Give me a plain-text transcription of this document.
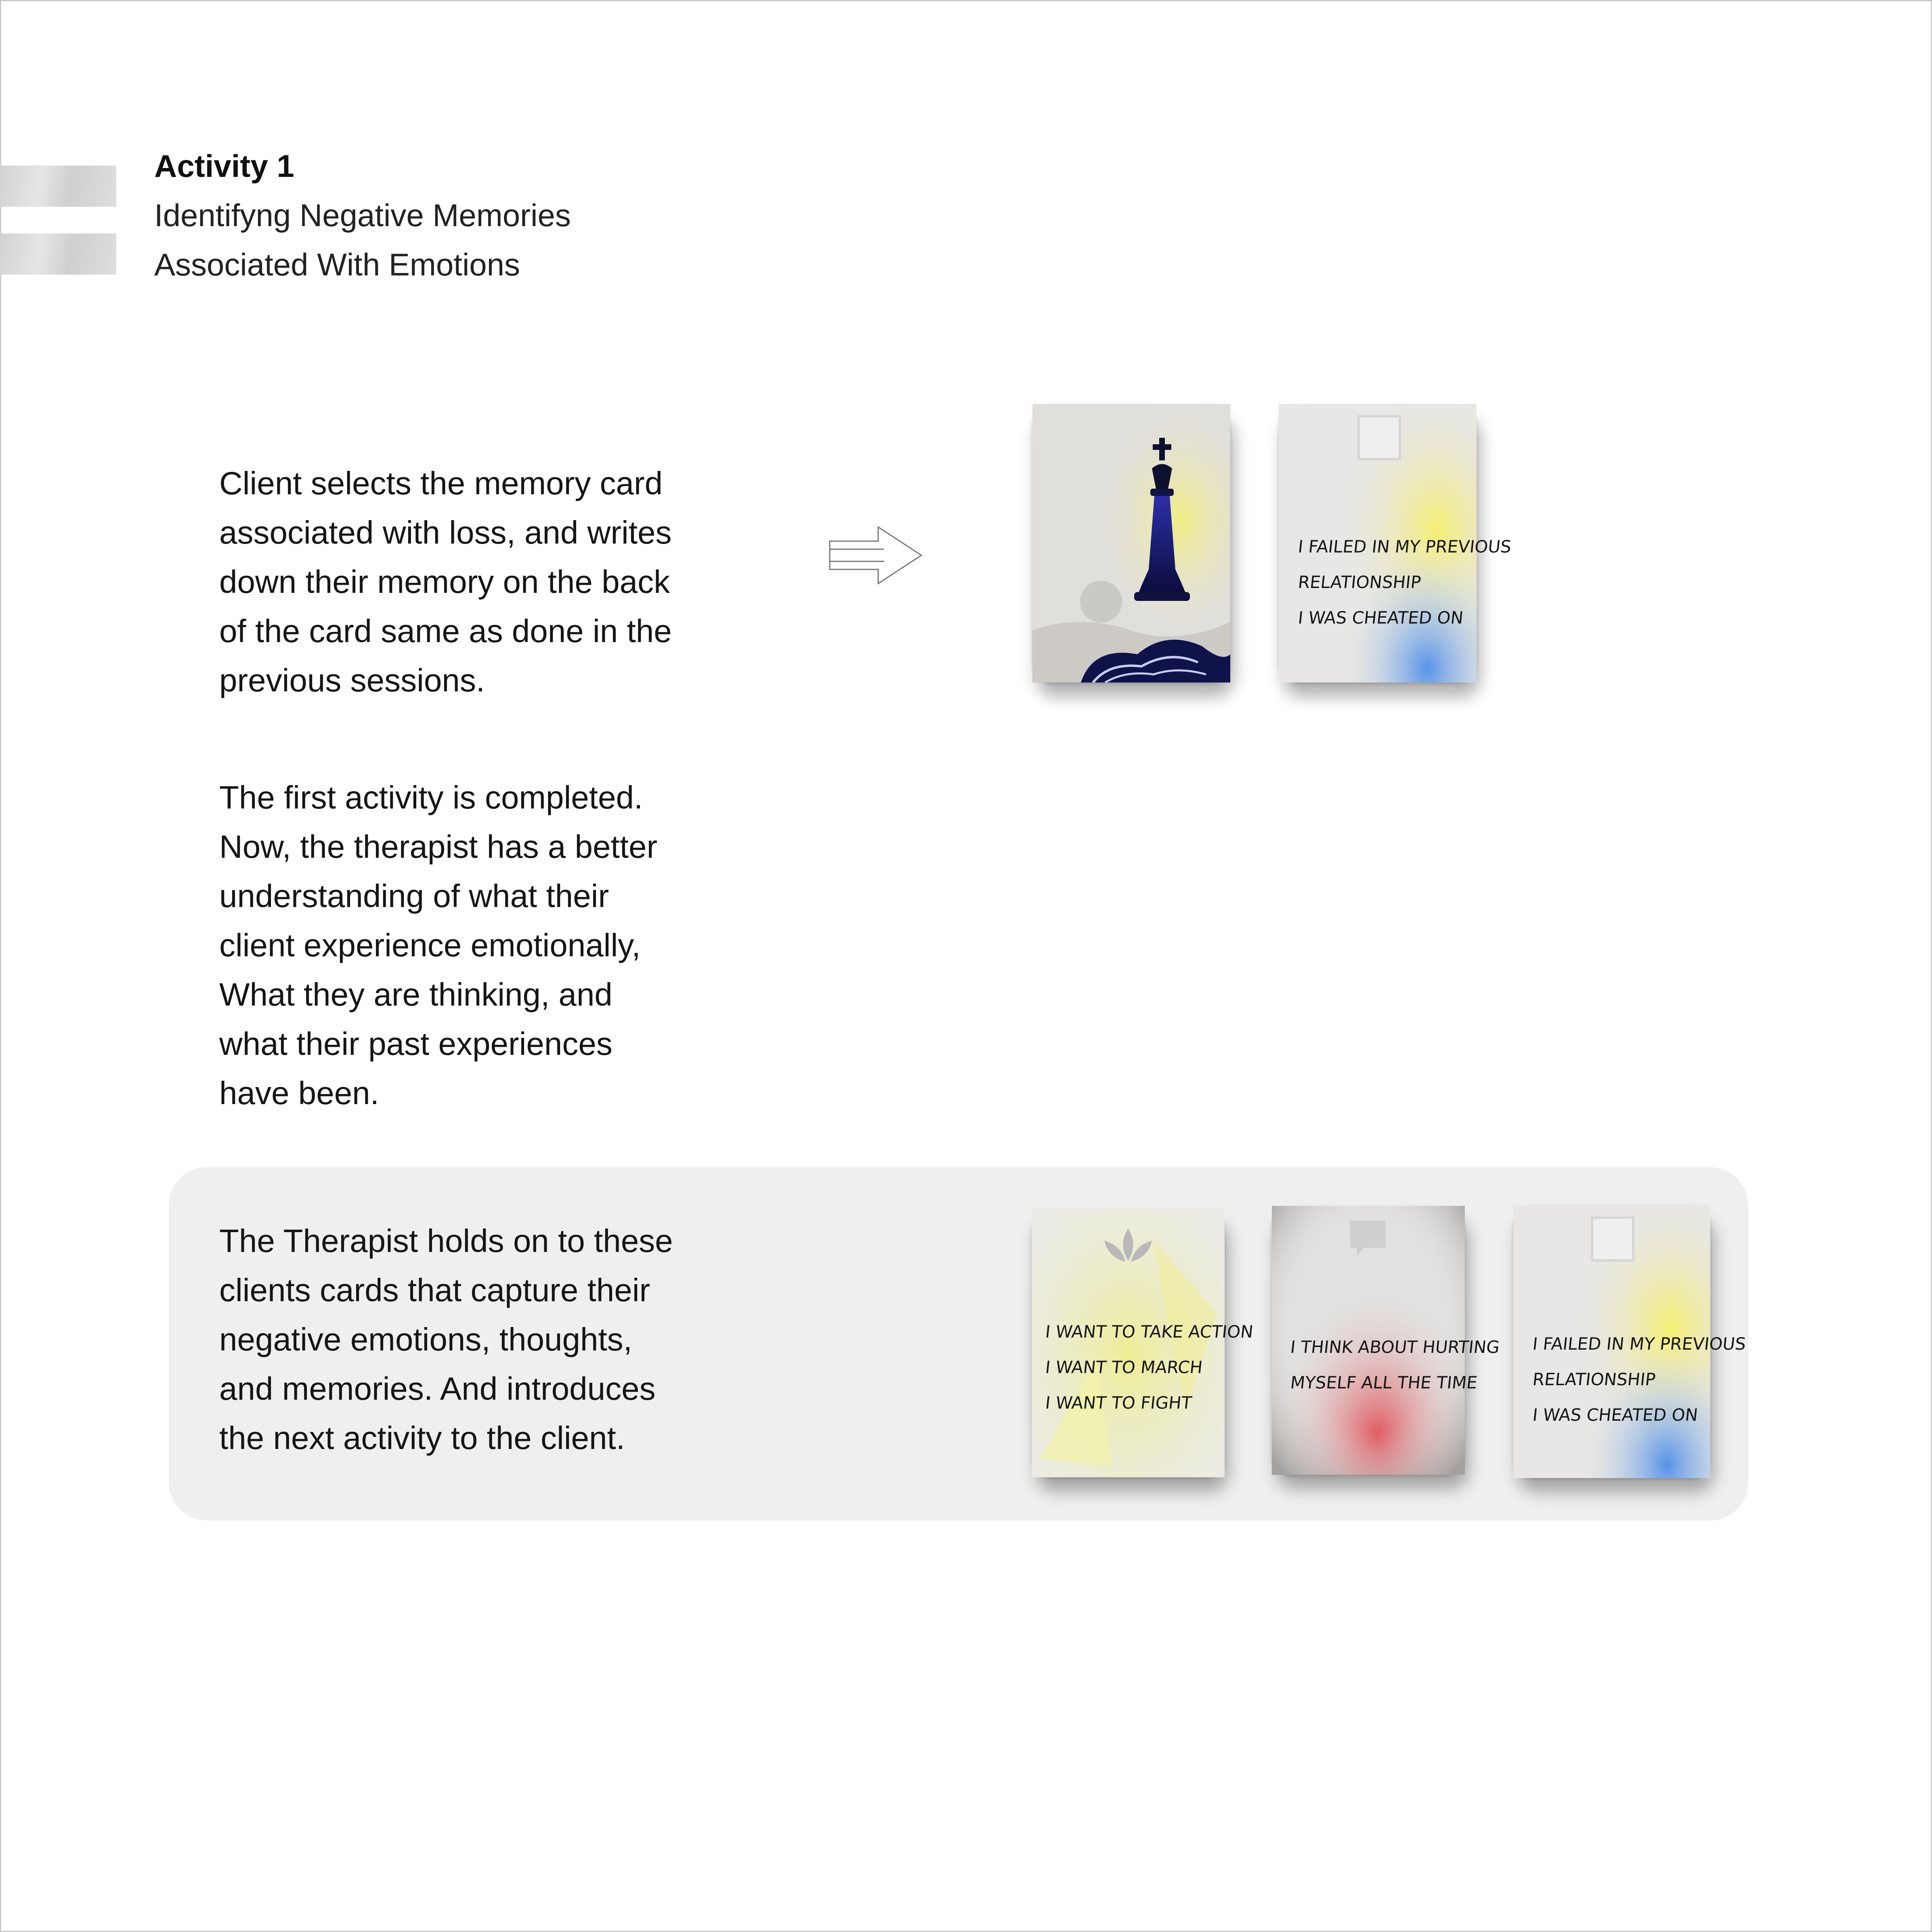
Activity 1
Identifyng Negative Memories
Associated With Emotions
Client selects the memory card
associated with loss, and writes
down their memory on the back
of the card same as done in the
previous sessions.
I FAILED IN MY PREVIOUS
RELATIONSHIP
I WAS CHEATED ON
The first activity is completed.
Now, the therapist has a better
understanding of what their
client experience emotionally,
What they are thinking, and
what their past experiences
have been.
The Therapist holds on to these
clients cards that capture their
negative emotions, thoughts,
and memories. And introduces
the next activity to the client.
I WANT TO TAKE ACTION
I WANT TO MARCH
I WANT TO FIGHT
I THINK ABOUT HURTING
MYSELF ALL THE TIME
I FAILED IN MY PREVIOUS
RELATIONSHIP
I WAS CHEATED ON
